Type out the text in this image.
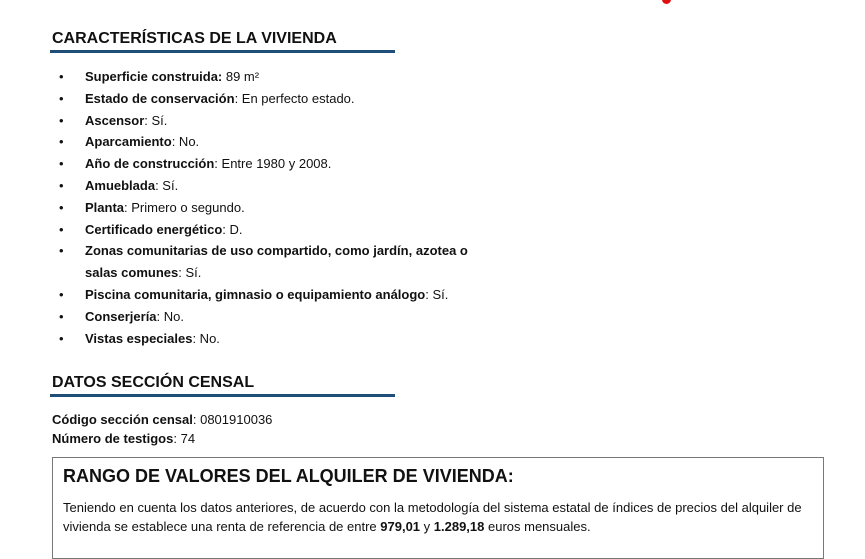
CARACTERÍSTICAS DE LA VIVIENDA
• Superficie construida: 89 m²
• Estado de conservación: En perfecto estado.
• Ascensor: Sí.
• Aparcamiento: No.
• Año de construcción: Entre 1980 y 2008.
• Amueblada: Sí.
• Planta: Primero o segundo.
• Certificado energético: D.
• Zonas comunitarias de uso compartido, como jardín, azotea o salas comunes: Sí.
• Piscina comunitaria, gimnasio o equipamiento análogo: Sí.
• Conserjería: No.
• Vistas especiales: No.
DATOS SECCIÓN CENSAL
Código sección censal: 0801910036
Número de testigos: 74
RANGO DE VALORES DEL ALQUILER DE VIVIENDA:
Teniendo en cuenta los datos anteriores, de acuerdo con la metodología del sistema estatal de índices de precios del alquiler de vivienda se establece una renta de referencia de entre 979,01 y 1.289,18 euros mensuales.
